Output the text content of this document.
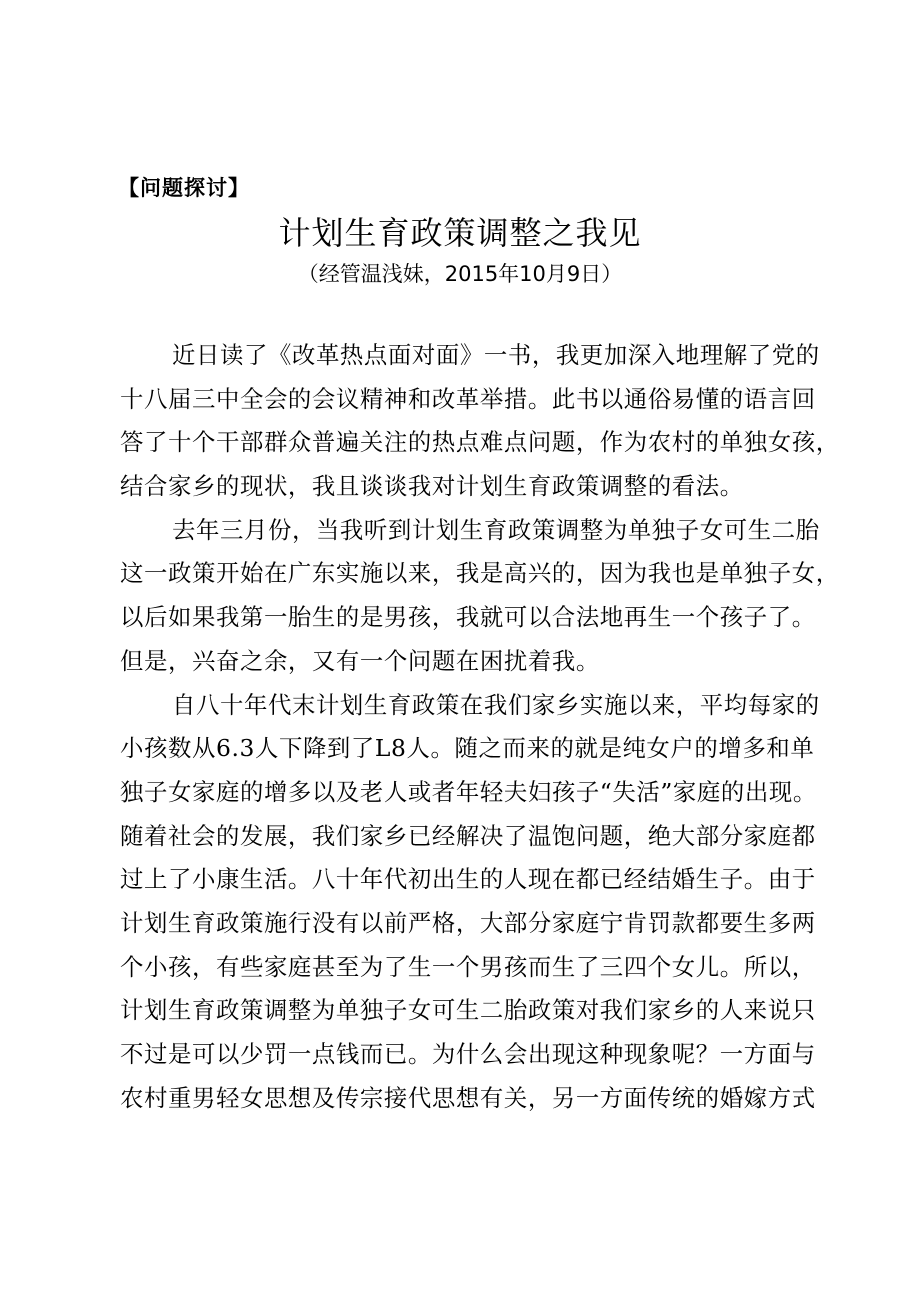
【问题探讨】
计划生育政策调整之我见
（经管温浅妹，2015年10月9日）
近日读了《改革热点面对面》一书，我更加深入地理解了党的
十八届三中全会的会议精神和改革举措。此书以通俗易懂的语言回
答了十个干部群众普遍关注的热点难点问题，作为农村的单独女孩，
结合家乡的现状，我且谈谈我对计划生育政策调整的看法。
去年三月份，当我听到计划生育政策调整为单独子女可生二胎
这一政策开始在广东实施以来，我是高兴的，因为我也是单独子女，
以后如果我第一胎生的是男孩，我就可以合法地再生一个孩子了。
但是，兴奋之余，又有一个问题在困扰着我。
自八十年代末计划生育政策在我们家乡实施以来，平均每家的
小孩数从6.3人下降到了L8人。随之而来的就是纯女户的增多和单
独子女家庭的增多以及老人或者年轻夫妇孩子“失活”家庭的出现。
随着社会的发展，我们家乡已经解决了温饱问题，绝大部分家庭都
过上了小康生活。八十年代初出生的人现在都已经结婚生子。由于
计划生育政策施行没有以前严格，大部分家庭宁肯罚款都要生多两
个小孩，有些家庭甚至为了生一个男孩而生了三四个女儿。所以，
计划生育政策调整为单独子女可生二胎政策对我们家乡的人来说只
不过是可以少罚一点钱而已。为什么会出现这种现象呢？一方面与
农村重男轻女思想及传宗接代思想有关，另一方面传统的婚嫁方式
